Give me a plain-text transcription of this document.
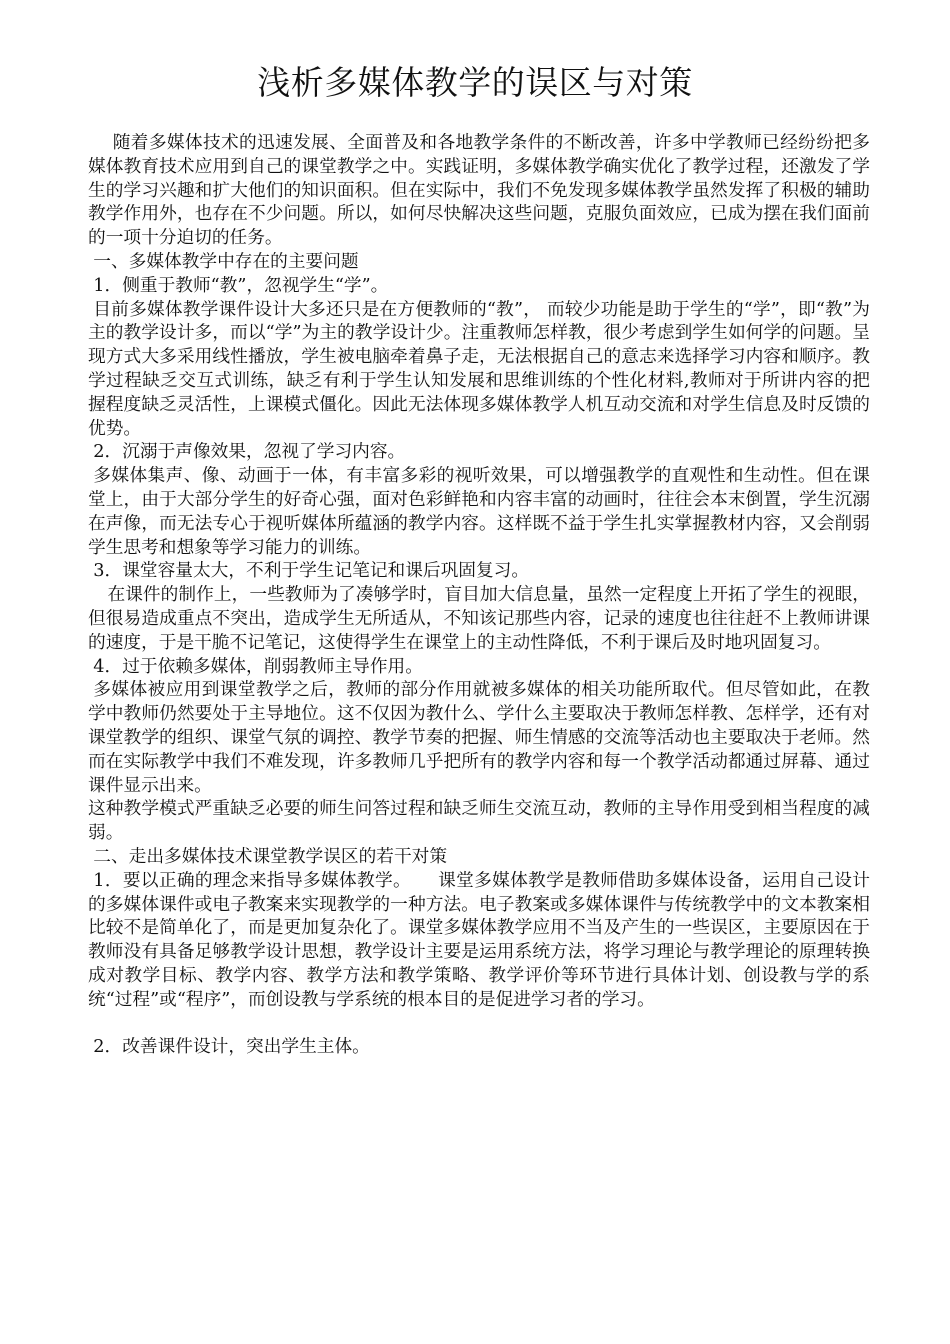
浅析多媒体教学的误区与对策

随着多媒体技术的迅速发展、全面普及和各地教学条件的不断改善，许多中学教师已经纷纷把多媒体教育技术应用到自己的课堂教学之中。实践证明，多媒体教学确实优化了教学过程，还激发了学生的学习兴趣和扩大他们的知识面积。但在实际中，我们不免发现多媒体教学虽然发挥了积极的辅助教学作用外，也存在不少问题。所以，如何尽快解决这些问题，克服负面效应，已成为摆在我们面前的一项十分迫切的任务。

一、多媒体教学中存在的主要问题

1．侧重于教师“教”，忽视学生“学”。

目前多媒体教学课件设计大多还只是在方便教师的“教”， 而较少功能是助于学生的“学”，即“教”为主的教学设计多，而以“学”为主的教学设计少。注重教师怎样教，很少考虑到学生如何学的问题。呈现方式大多采用线性播放，学生被电脑牵着鼻子走，无法根据自己的意志来选择学习内容和顺序。教学过程缺乏交互式训练，缺乏有利于学生认知发展和思维训练的个性化材料,教师对于所讲内容的把握程度缺乏灵活性，上课模式僵化。因此无法体现多媒体教学人机互动交流和对学生信息及时反馈的优势。

2．沉溺于声像效果，忽视了学习内容。

多媒体集声、像、动画于一体，有丰富多彩的视听效果，可以增强教学的直观性和生动性。但在课堂上，由于大部分学生的好奇心强，面对色彩鲜艳和内容丰富的动画时，往往会本末倒置，学生沉溺在声像，而无法专心于视听媒体所蕴涵的教学内容。这样既不益于学生扎实掌握教材内容，又会削弱学生思考和想象等学习能力的训练。

3．课堂容量太大，不利于学生记笔记和课后巩固复习。

在课件的制作上，一些教师为了凑够学时，盲目加大信息量，虽然一定程度上开拓了学生的视眼，但很易造成重点不突出，造成学生无所适从，不知该记那些内容，记录的速度也往往赶不上教师讲课的速度，于是干脆不记笔记，这使得学生在课堂上的主动性降低，不利于课后及时地巩固复习。

4．过于依赖多媒体，削弱教师主导作用。

多媒体被应用到课堂教学之后，教师的部分作用就被多媒体的相关功能所取代。但尽管如此，在教学中教师仍然要处于主导地位。这不仅因为教什么、学什么主要取决于教师怎样教、怎样学，还有对课堂教学的组织、课堂气氛的调控、教学节奏的把握、师生情感的交流等活动也主要取决于老师。然而在实际教学中我们不难发现，许多教师几乎把所有的教学内容和每一个教学活动都通过屏幕、通过课件显示出来。

这种教学模式严重缺乏必要的师生问答过程和缺乏师生交流互动，教师的主导作用受到相当程度的减弱。

二、走出多媒体技术课堂教学误区的若干对策

1．要以正确的理念来指导多媒体教学。　　课堂多媒体教学是教师借助多媒体设备，运用自己设计的多媒体课件或电子教案来实现教学的一种方法。电子教案或多媒体课件与传统教学中的文本教案相比较不是简单化了，而是更加复杂化了。课堂多媒体教学应用不当及产生的一些误区，主要原因在于教师没有具备足够教学设计思想，教学设计主要是运用系统方法，将学习理论与教学理论的原理转换成对教学目标、教学内容、教学方法和教学策略、教学评价等环节进行具体计划、创设教与学的系统“过程”或“程序”，而创设教与学系统的根本目的是促进学习者的学习。

2．改善课件设计，突出学生主体。
